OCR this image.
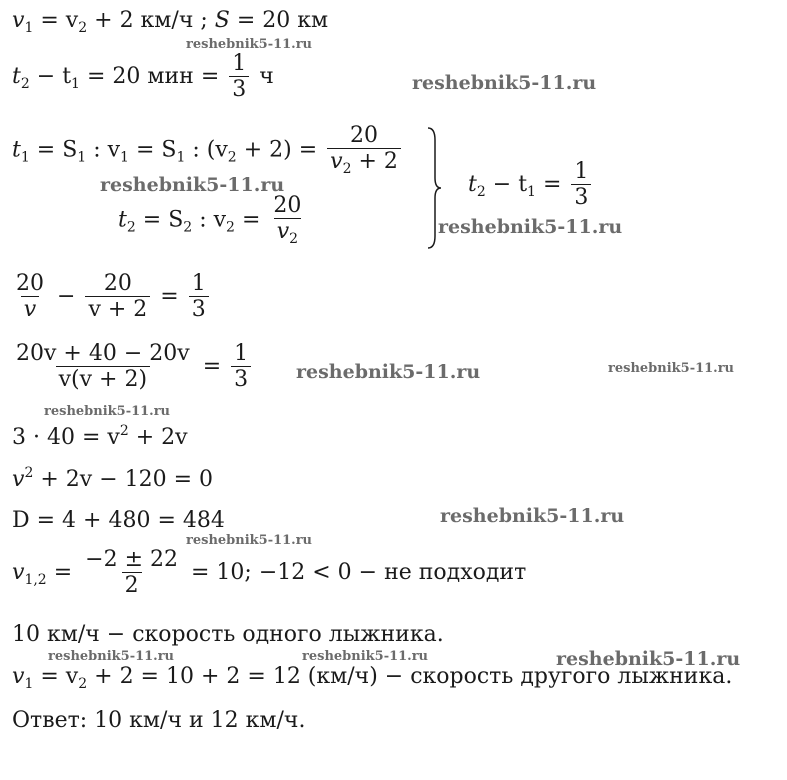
$v_1 = v_2 + 2$ км/ч ; S = 20 км
$t_2 - t_1 = 20$ мин = $\frac{1}{3}$ ч
$t_1 = S_1$ : $v_1 = S_1$ : $(v_2 + 2) = \frac{20}{v_2 + 2}$
$t_2 = S_2$ : $v_2 = \frac{20}{v_2}$
$t_2 - t_1 = \frac{1}{3}$
$\frac{20}{v} - \frac{20}{v + 2} = \frac{1}{3}$
$\frac{20v + 40 - 20v}{v(v + 2)} = \frac{1}{3}$
$3 \cdot 40 = v^2 + 2v$
$v^2 + 2v - 120 = 0$
D = 4 + 480 = 484
$v_{1,2} = \frac{-2 \pm 22}{2} = 10$; −12 < 0 − не подходит
10 км/ч − скорость одного лыжника.
$v_1 = v_2 + 2 = 10 + 2 = 12$ (км/ч) − скорость другого лыжника.
Ответ: 10 км/ч и 12 км/ч.
reshebnik5-11.ru
reshebnik5-11.ru
reshebnik5-11.ru
reshebnik5-11.ru
reshebnik5-11.ru	reshebnik5-11.ru
reshebnik5-11.ru
reshebnik5-11.ru
reshebnik5-11.ru
reshebnik5-11.ru	reshebnik5-11.ru	reshebnik5-11.ru
